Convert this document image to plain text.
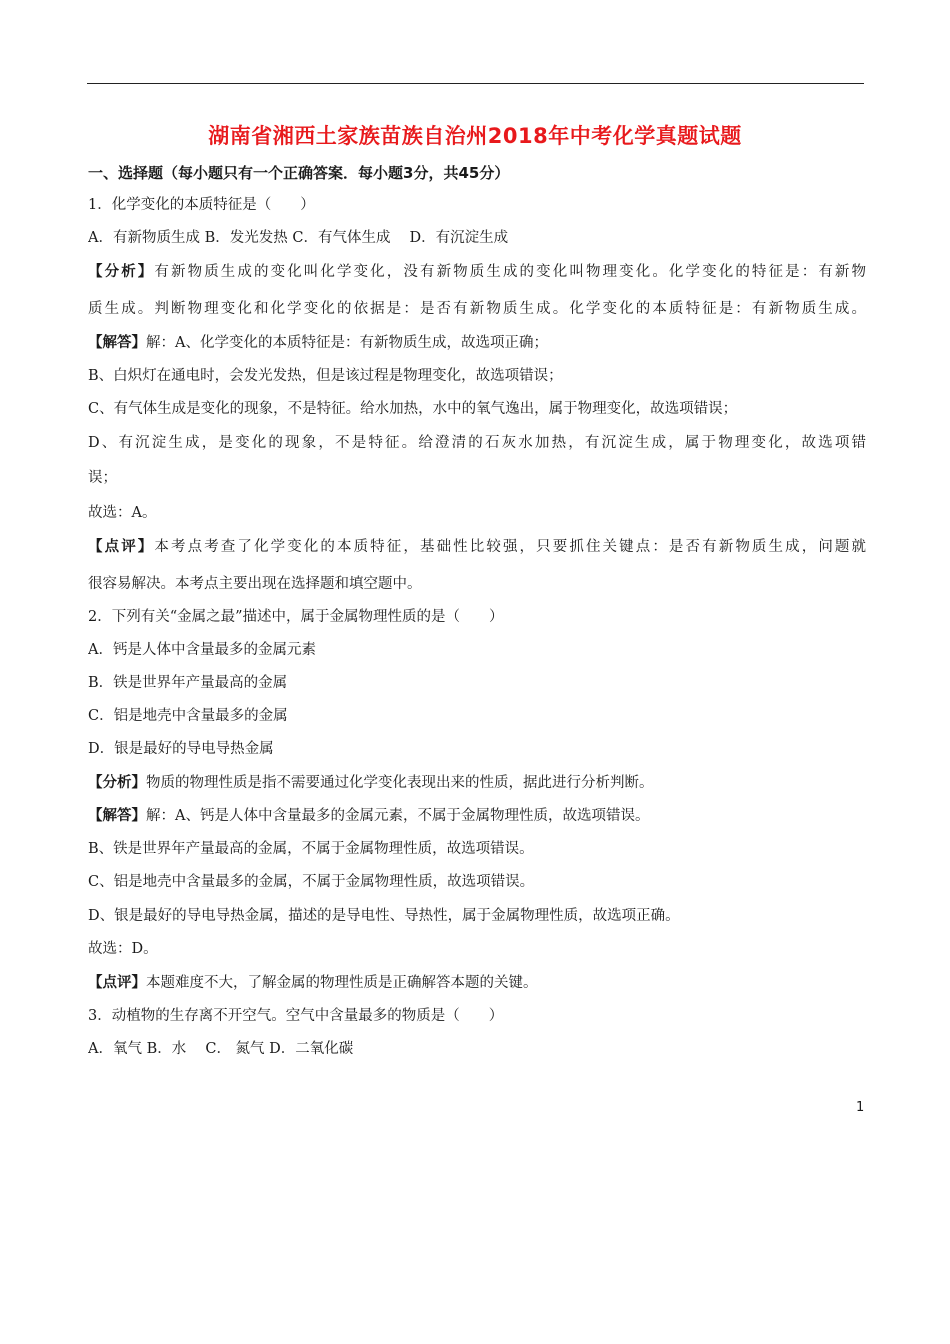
湖南省湘西土家族苗族自治州2018年中考化学真题试题
一、选择题（每小题只有一个正确答案．每小题3分，共45分）
1．化学变化的本质特征是（　　）
A．有新物质生成 B．发光发热 C．有气体生成　 D．有沉淀生成
【分析】有新物质生成的变化叫化学变化，没有新物质生成的变化叫物理变化。化学变化的特征是：有新物
质生成。判断物理变化和化学变化的依据是：是否有新物质生成。化学变化的本质特征是：有新物质生成。
【解答】解：A、化学变化的本质特征是：有新物质生成，故选项正确；
B、白炽灯在通电时，会发光发热，但是该过程是物理变化，故选项错误；
C、有气体生成是变化的现象，不是特征。给水加热，水中的氧气逸出，属于物理变化，故选项错误；
D、有沉淀生成，是变化的现象，不是特征。给澄清的石灰水加热，有沉淀生成，属于物理变化，故选项错
误；
故选：A。
【点评】本考点考查了化学变化的本质特征，基础性比较强，只要抓住关键点：是否有新物质生成，问题就
很容易解决。本考点主要出现在选择题和填空题中。
2．下列有关“金属之最”描述中，属于金属物理性质的是（　　）
A．钙是人体中含量最多的金属元素
B．铁是世界年产量最高的金属
C．铝是地壳中含量最多的金属
D．银是最好的导电导热金属
【分析】物质的物理性质是指不需要通过化学变化表现出来的性质，据此进行分析判断。
【解答】解：A、钙是人体中含量最多的金属元素，不属于金属物理性质，故选项错误。
B、铁是世界年产量最高的金属，不属于金属物理性质，故选项错误。
C、铝是地壳中含量最多的金属，不属于金属物理性质，故选项错误。
D、银是最好的导电导热金属，描述的是导电性、导热性，属于金属物理性质，故选项正确。
故选：D。
【点评】本题难度不大，了解金属的物理性质是正确解答本题的关键。
3．动植物的生存离不开空气。空气中含量最多的物质是（　　）
A．氧气 B．水　 C． 氮气 D．二氧化碳
1
